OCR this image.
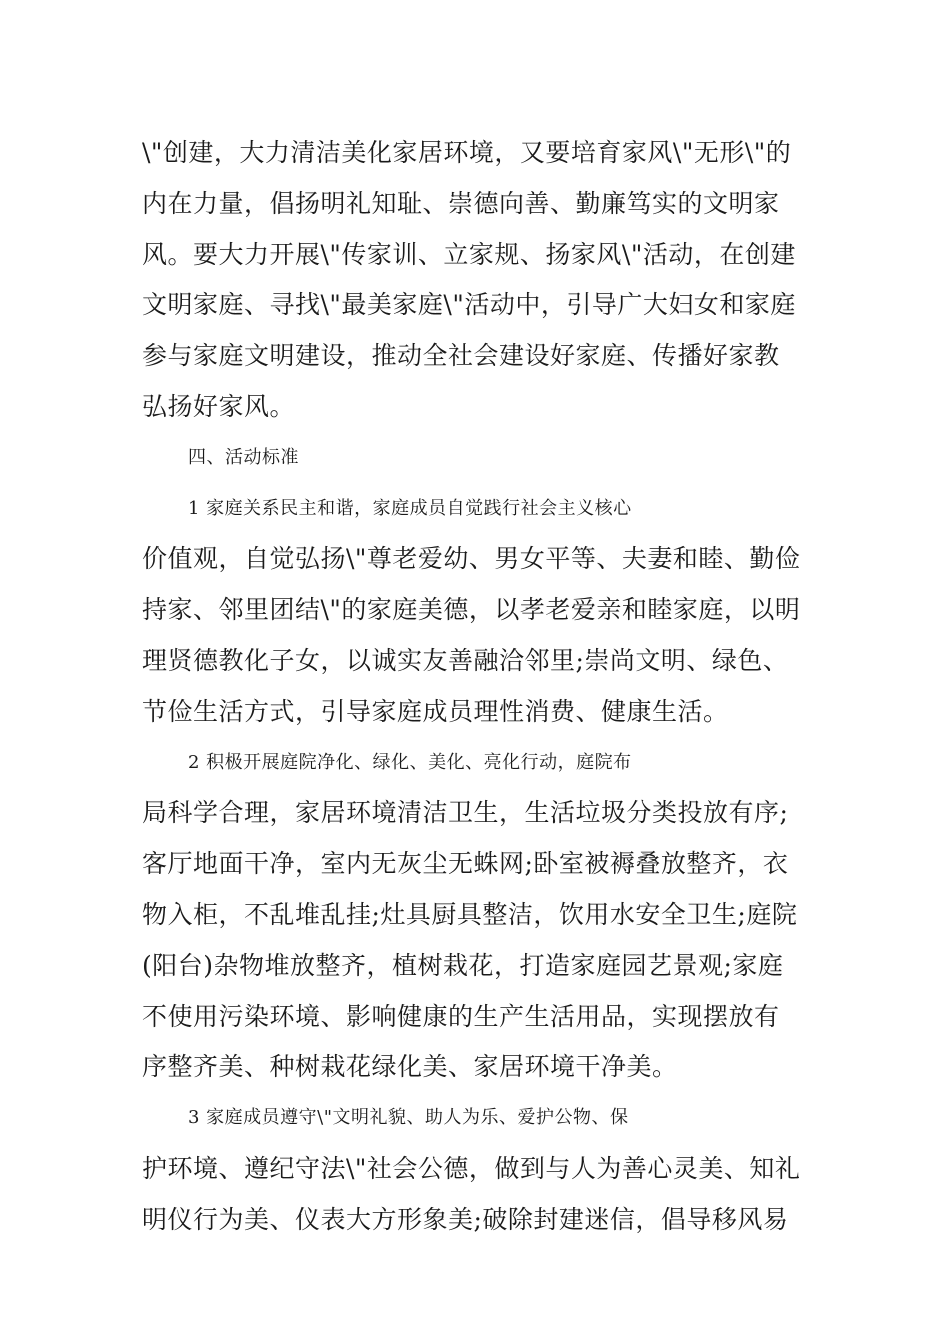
\"创建，大力清洁美化家居环境，又要培育家风\"无形\"的
内在力量，倡扬明礼知耻、崇德向善、勤廉笃实的文明家
风。要大力开展\"传家训、立家规、扬家风\"活动，在创建
文明家庭、寻找\"最美家庭\"活动中，引导广大妇女和家庭
参与家庭文明建设，推动全社会建设好家庭、传播好家教
弘扬好家风。
四、活动标准
1 家庭关系民主和谐，家庭成员自觉践行社会主义核心
价值观，自觉弘扬\"尊老爱幼、男女平等、夫妻和睦、勤俭
持家、邻里团结\"的家庭美德，以孝老爱亲和睦家庭，以明
理贤德教化子女，以诚实友善融洽邻里;崇尚文明、绿色、
节俭生活方式，引导家庭成员理性消费、健康生活。
2 积极开展庭院净化、绿化、美化、亮化行动，庭院布
局科学合理，家居环境清洁卫生，生活垃圾分类投放有序;
客厅地面干净，室内无灰尘无蛛网;卧室被褥叠放整齐，衣
物入柜，不乱堆乱挂;灶具厨具整洁，饮用水安全卫生;庭院
(阳台)杂物堆放整齐，植树栽花，打造家庭园艺景观;家庭
不使用污染环境、影响健康的生产生活用品，实现摆放有
序整齐美、种树栽花绿化美、家居环境干净美。
3 家庭成员遵守\"文明礼貌、助人为乐、爱护公物、保
护环境、遵纪守法\"社会公德，做到与人为善心灵美、知礼
明仪行为美、仪表大方形象美;破除封建迷信，倡导移风易
